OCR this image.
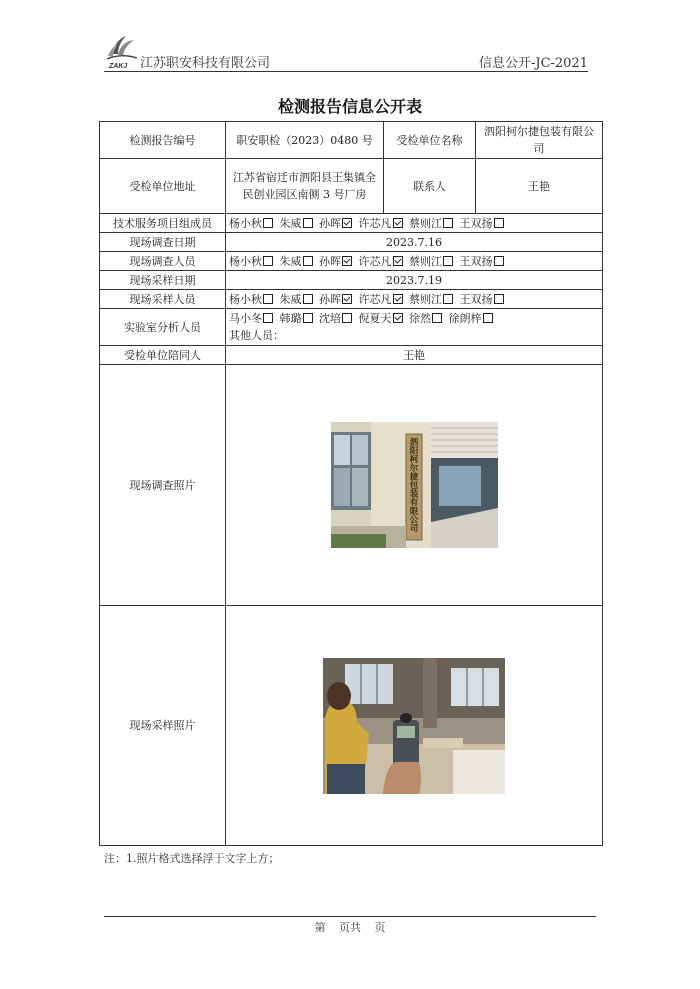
ZAKJ 江苏职安科技有限公司	信息公开-JC-2021
检测报告信息公开表
检测报告编号	职安职检（2023）0480 号	受检单位名称	泗阳柯尔捷包装有限公司
受检单位地址	江苏省宿迁市泗阳县王集镇全民创业园区南侧 3 号厂房	联系人	王艳
技术服务项目组成员	杨小秋 朱威 孙晖 许芯凡 蔡则江 王双扬		
现场调查日期	2023.7.16		
现场调查人员	杨小秋 朱威 孙晖 许芯凡 蔡则江 王双扬		
现场采样日期	2023.7.19		
现场采样人员	杨小秋 朱威 孙晖 许芯凡 蔡则江 王双扬		
实验室分析人员	马小冬 韩璐 沈培 倪夏天 徐然 徐朗梓
其他人员：		

受检单位陪同人	王艳		
现场调查照片	泗阳柯尔捷包装有限公司		

现场采样照片	
注：1.照片格式选择浮于文字上方；
第 页共 页
